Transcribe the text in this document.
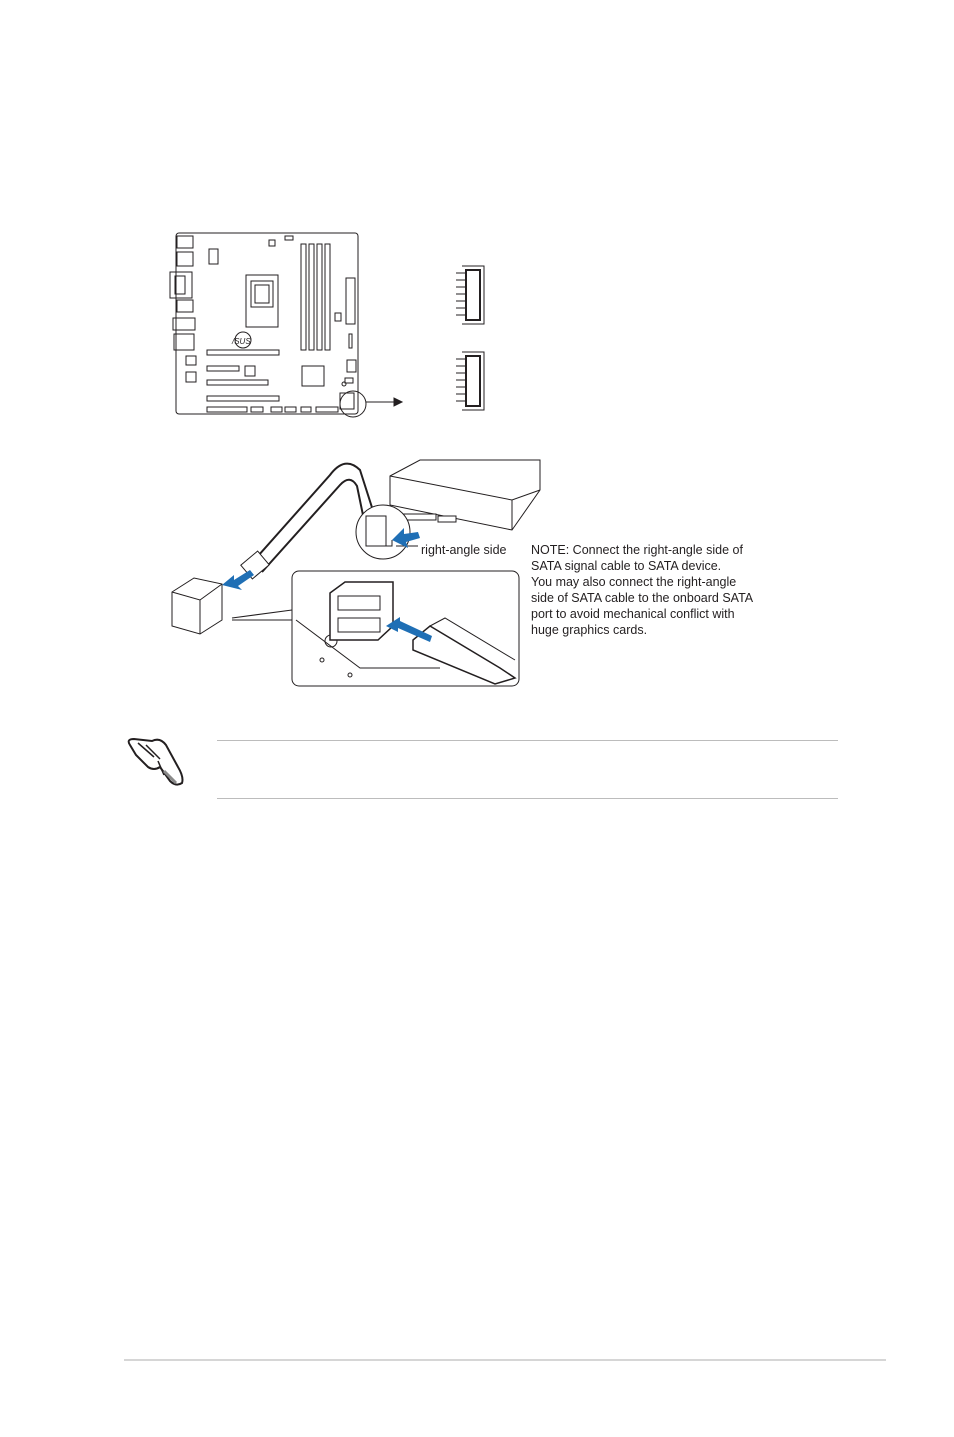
/SUS
right-angle side NOTE: Connect the right-angle side of
SATA signal cable to SATA device.
You may also connect the right-angle
side of SATA cable to the onboard SATA
port to avoid mechanical conflict with
huge graphics cards.
